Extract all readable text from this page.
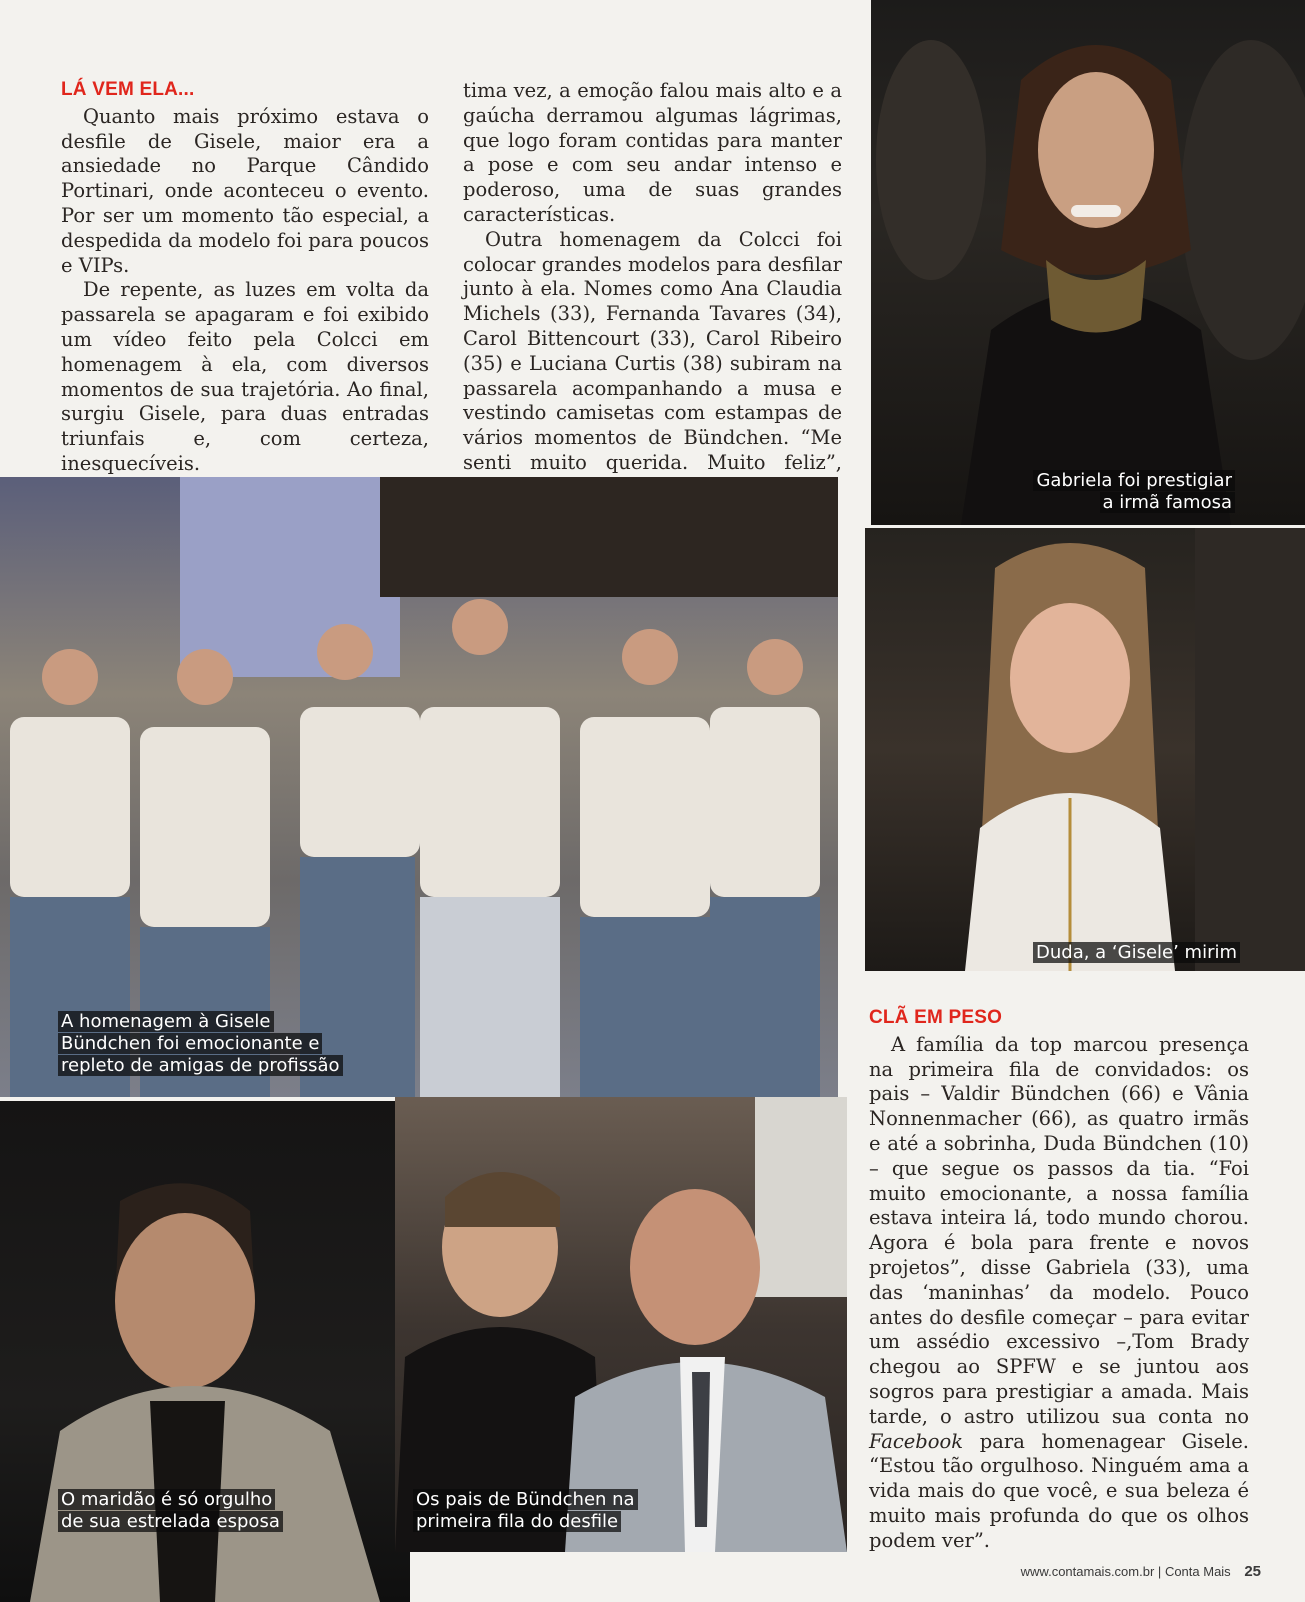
LÁ VEM ELA...

Quanto mais próximo estava o desfile de Gisele, maior era a ansiedade no Parque Cândido Portinari, onde aconteceu o evento. Por ser um momento tão especial, a despedida da modelo foi para poucos e VIPs.

De repente, as luzes em volta da passarela se apagaram e foi exibido um vídeo feito pela Colcci em homenagem à ela, com diversos momentos de sua trajetória. Ao final, surgiu Gisele, para duas entradas triunfais e, com certeza, inesquecíveis.

tima vez, a emoção falou mais alto e a gaúcha derramou algumas lágrimas, que logo foram contidas para manter a pose e com seu andar intenso e poderoso, uma de suas grandes características.

Outra homenagem da Colcci foi colocar grandes modelos para desfilar junto à ela. Nomes como Ana Claudia Michels (33), Fernanda Tavares (34), Carol Bittencourt (33), Carol Ribeiro (35) e Luciana Curtis (38) subiram na passarela acompanhando a musa e vestindo camisetas com estampas de vários momentos de Bündchen. “Me senti muito querida. Muito feliz”,

Gabriela foi prestigiar
a irmã famosa
Duda, a ‘Gisele’ mirim
A homenagem à Gisele
Bündchen foi emocionante e
repleto de amigas de profissão
O maridão é só orgulho
de sua estrelada esposa
Os pais de Bündchen na
primeira fila do desfile
CLÃ EM PESO

A família da top marcou presença na primeira fila de convidados: os pais – Valdir Bündchen (66) e Vânia Nonnenmacher (66), as quatro irmãs e até a sobrinha, Duda Bündchen (10) – que segue os passos da tia. “Foi muito emocionante, a nossa família estava inteira lá, todo mundo chorou. Agora é bola para frente e novos projetos”, disse Gabriela (33), uma das ‘maninhas’ da modelo. Pouco antes do desfile começar – para evitar um assédio excessivo –,Tom Brady chegou ao SPFW e se juntou aos sogros para prestigiar a amada. Mais tarde, o astro utilizou sua conta no Facebook para homenagear Gisele. “Estou tão orgulhoso. Ninguém ama a vida mais do que você, e sua beleza é muito mais profunda do que os olhos podem ver”.

www.contamais.com.br | Conta Mais 25
